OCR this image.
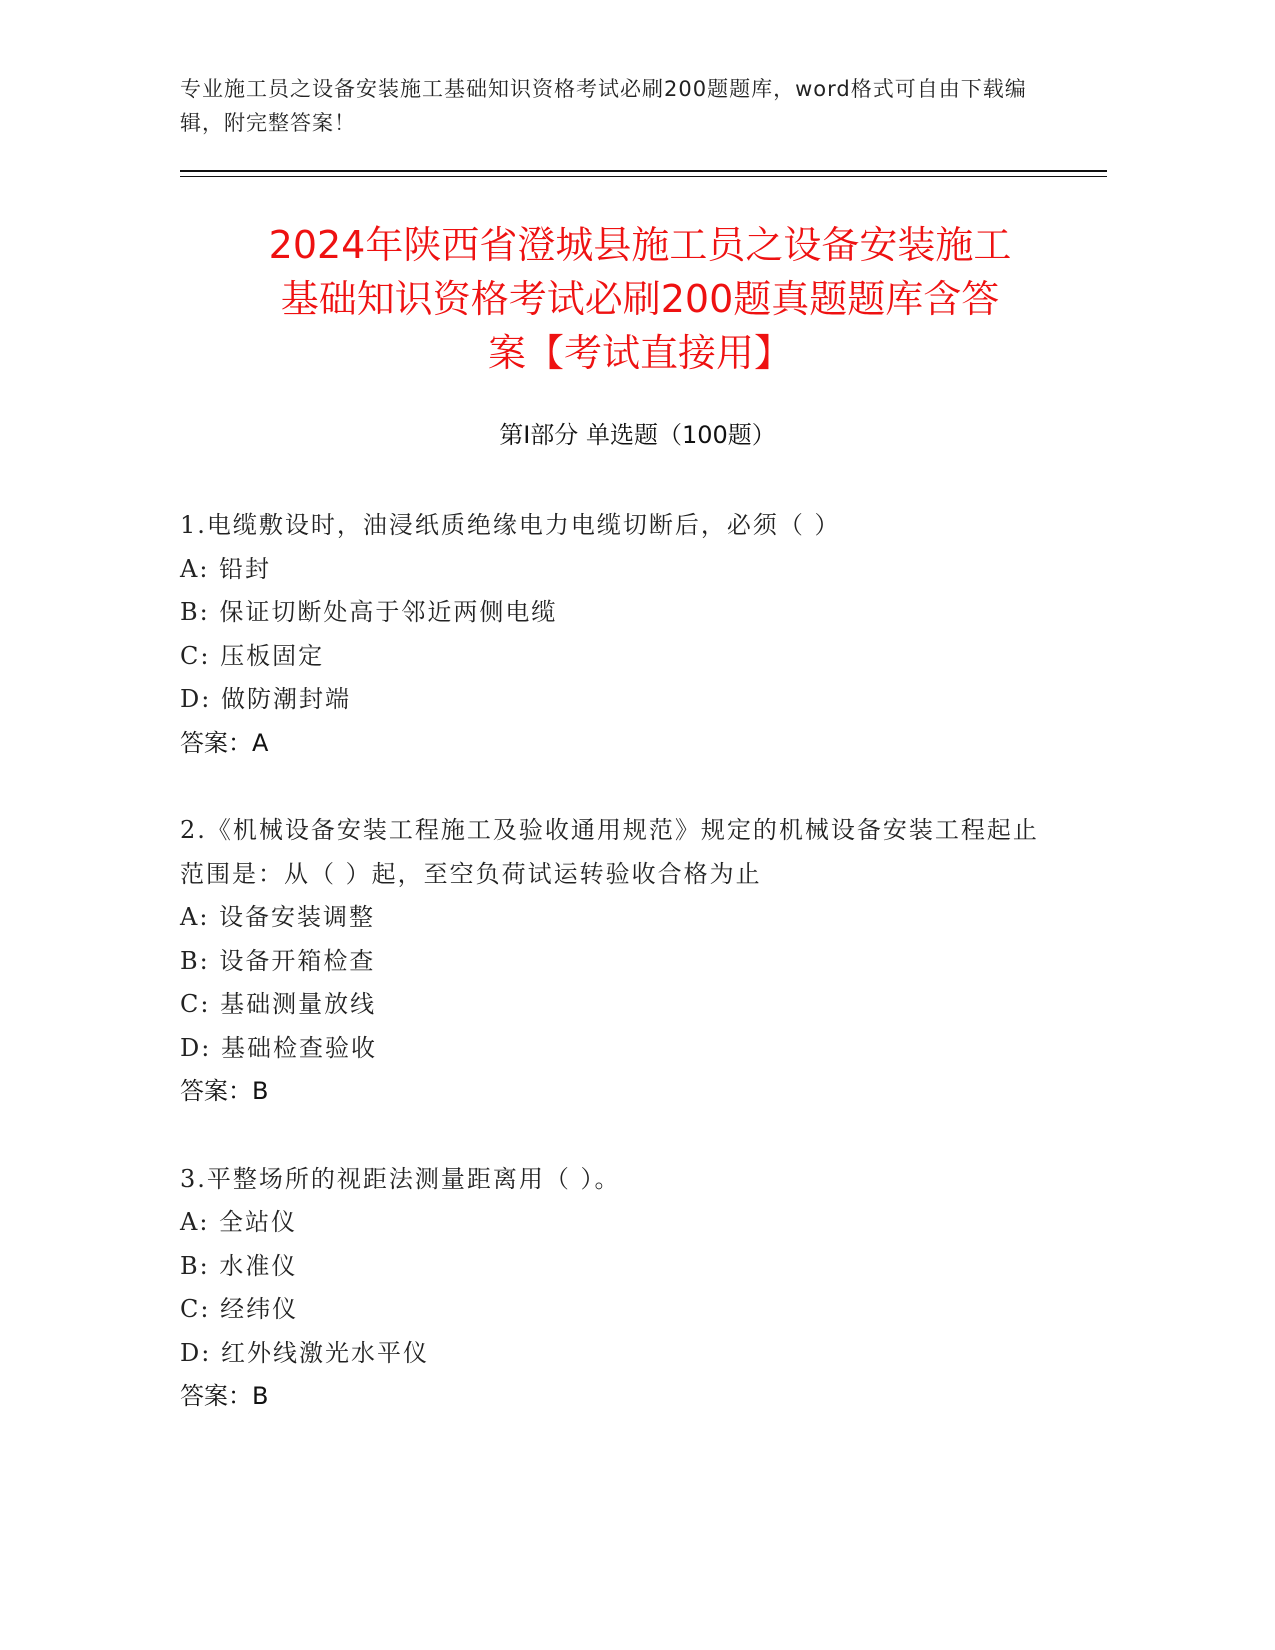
专业施工员之设备安装施工基础知识资格考试必刷200题题库，word格式可自由下载编辑，附完整答案！
2024年陕西省澄城县施工员之设备安装施工
基础知识资格考试必刷200题真题题库含答
案【考试直接用】
第Ⅰ部分 单选题（100题）
1.电缆敷设时，油浸纸质绝缘电力电缆切断后，必须（ ）
A: 铅封
B: 保证切断处高于邻近两侧电缆
C: 压板固定
D: 做防潮封端
答案：A
2.《机械设备安装工程施工及验收通用规范》规定的机械设备安装工程起止范围是：从（ ）起，至空负荷试运转验收合格为止
A: 设备安装调整
B: 设备开箱检查
C: 基础测量放线
D: 基础检查验收
答案：B
3.平整场所的视距法测量距离用（ ）。
A: 全站仪
B: 水准仪
C: 经纬仪
D: 红外线激光水平仪
答案：B
